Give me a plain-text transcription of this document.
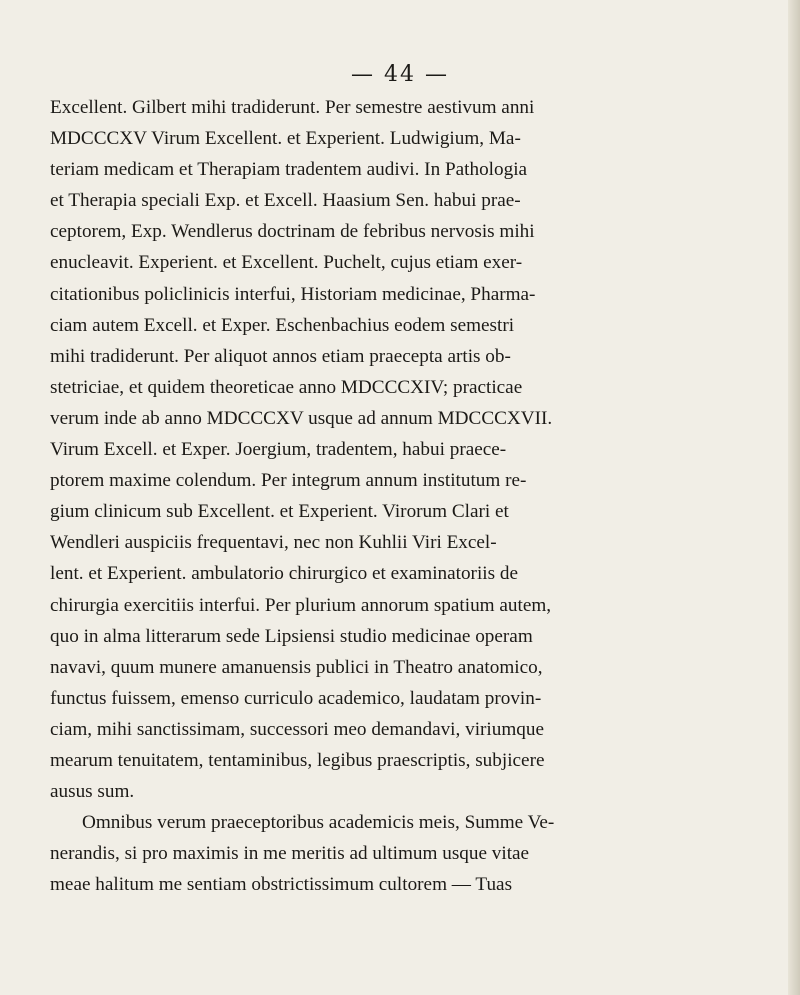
— 44 —
Excellent. Gilbert mihi tradiderunt. Per semestre aestivum anni
MDCCCXV Virum Excellent. et Experient. Ludwigium, Ma-
teriam medicam et Therapiam tradentem audivi. In Pathologia
et Therapia speciali Exp. et Excell. Haasium Sen. habui prae-
ceptorem, Exp. Wendlerus doctrinam de febribus nervosis mihi
enucleavit. Experient. et Excellent. Puchelt, cujus etiam exer-
citationibus policlinicis interfui, Historiam medicinae, Pharma-
ciam autem Excell. et Exper. Eschenbachius eodem semestri
mihi tradiderunt. Per aliquot annos etiam praecepta artis ob-
stetriciae, et quidem theoreticae anno MDCCCXIV; practicae
verum inde ab anno MDCCCXV usque ad annum MDCCCXVII.
Virum Excell. et Exper. Joergium, tradentem, habui praece-
ptorem maxime colendum. Per integrum annum institutum re-
gium clinicum sub Excellent. et Experient. Virorum Clari et
Wendleri auspiciis frequentavi, nec non Kuhlii Viri Excel-
lent. et Experient. ambulatorio chirurgico et examinatoriis de
chirurgia exercitiis interfui. Per plurium annorum spatium autem,
quo in alma litterarum sede Lipsiensi studio medicinae operam
navavi, quum munere amanuensis publici in Theatro anatomico,
functus fuissem, emenso curriculo academico, laudatam provin-
ciam, mihi sanctissimam, successori meo demandavi, viriumque
mearum tenuitatem, tentaminibus, legibus praescriptis, subjicere
ausus sum.
Omnibus verum praeceptoribus academicis meis, Summe Ve-
nerandis, si pro maximis in me meritis ad ultimum usque vitae
meae halitum me sentiam obstrictissimum cultorem — Tuas
